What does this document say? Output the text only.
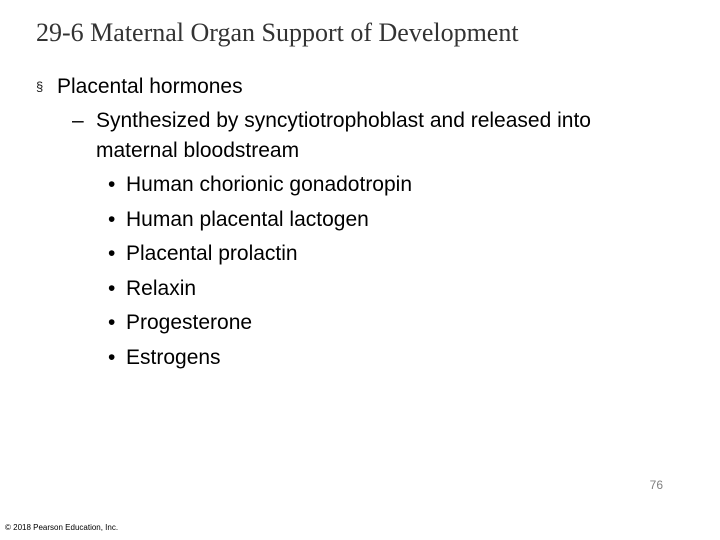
29-6 Maternal Organ Support of Development
§ Placental hormones
– Synthesized by syncytiotrophoblast and released into
maternal bloodstream
• Human chorionic gonadotropin
• Human placental lactogen
• Placental prolactin
• Relaxin
• Progesterone
• Estrogens
76
© 2018 Pearson Education, Inc.
